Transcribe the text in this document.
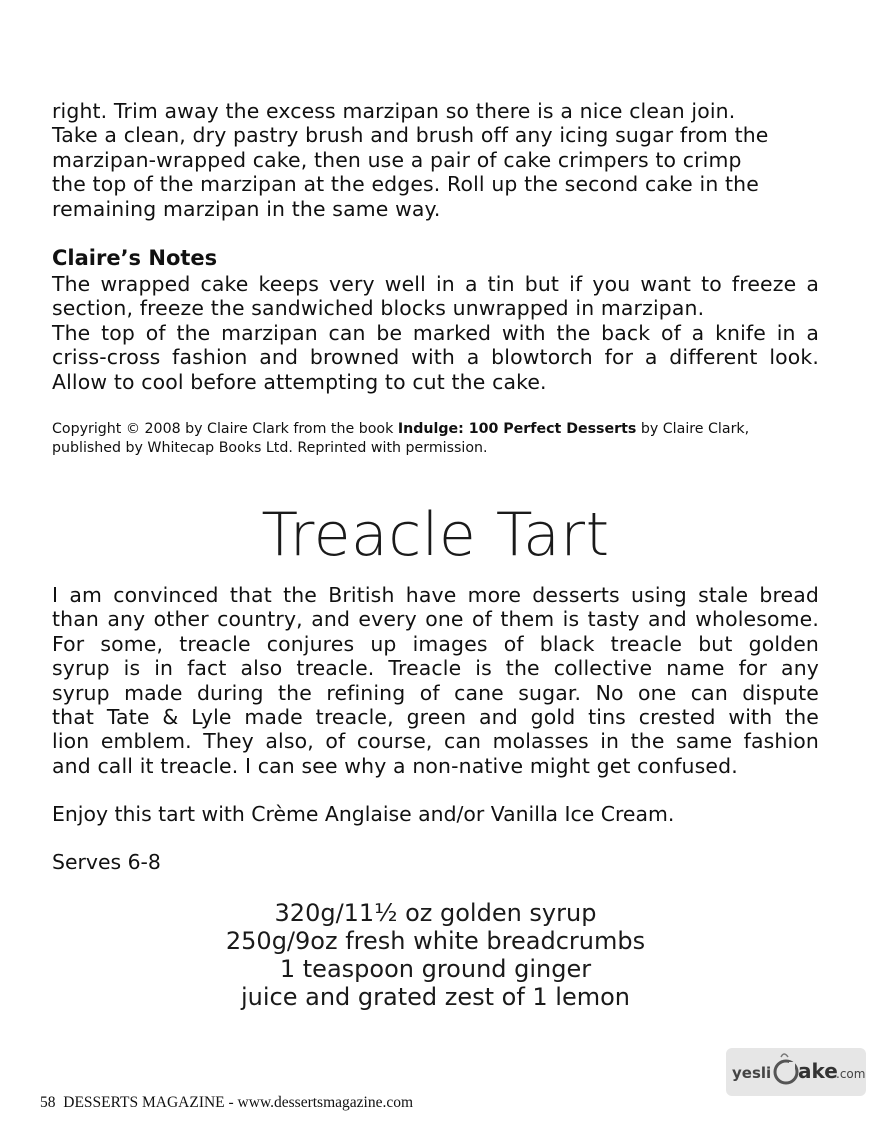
right. Trim away the excess marzipan so there is a nice clean join.
Take a clean, dry pastry brush and brush off any icing sugar from the
marzipan-wrapped cake, then use a pair of cake crimpers to crimp
the top of the marzipan at the edges. Roll up the second cake in the
remaining marzipan in the same way.

Claire’s Notes

The wrapped cake keeps very well in a tin but if you want to freeze a
section, freeze the sandwiched blocks unwrapped in marzipan.
The top of the marzipan can be marked with the back of a knife in a
criss-cross fashion and browned with a blowtorch for a different look.
Allow to cool before attempting to cut the cake.

Copyright © 2008 by Claire Clark from the book Indulge: 100 Perfect Desserts by Claire Clark, published by Whitecap Books Ltd. Reprinted with permission.

Treacle Tart

I am convinced that the British have more desserts using stale bread
than any other country, and every one of them is tasty and wholesome.
For some, treacle conjures up images of black treacle but golden
syrup is in fact also treacle. Treacle is the collective name for any
syrup made during the refining of cane sugar. No one can dispute
that Tate & Lyle made treacle, green and gold tins crested with the
lion emblem. They also, of course, can molasses in the same fashion
and call it treacle. I can see why a non-native might get confused.

Enjoy this tart with Crème Anglaise and/or Vanilla Ice Cream.

Serves 6-8

320g/11½ oz golden syrup
250g/9oz fresh white breadcrumbs
1 teaspoon ground ginger
juice and grated zest of 1 lemon

58 DESSERTS MAGAZINE - www.dessertsmagazine.com

yesli ake
.com
